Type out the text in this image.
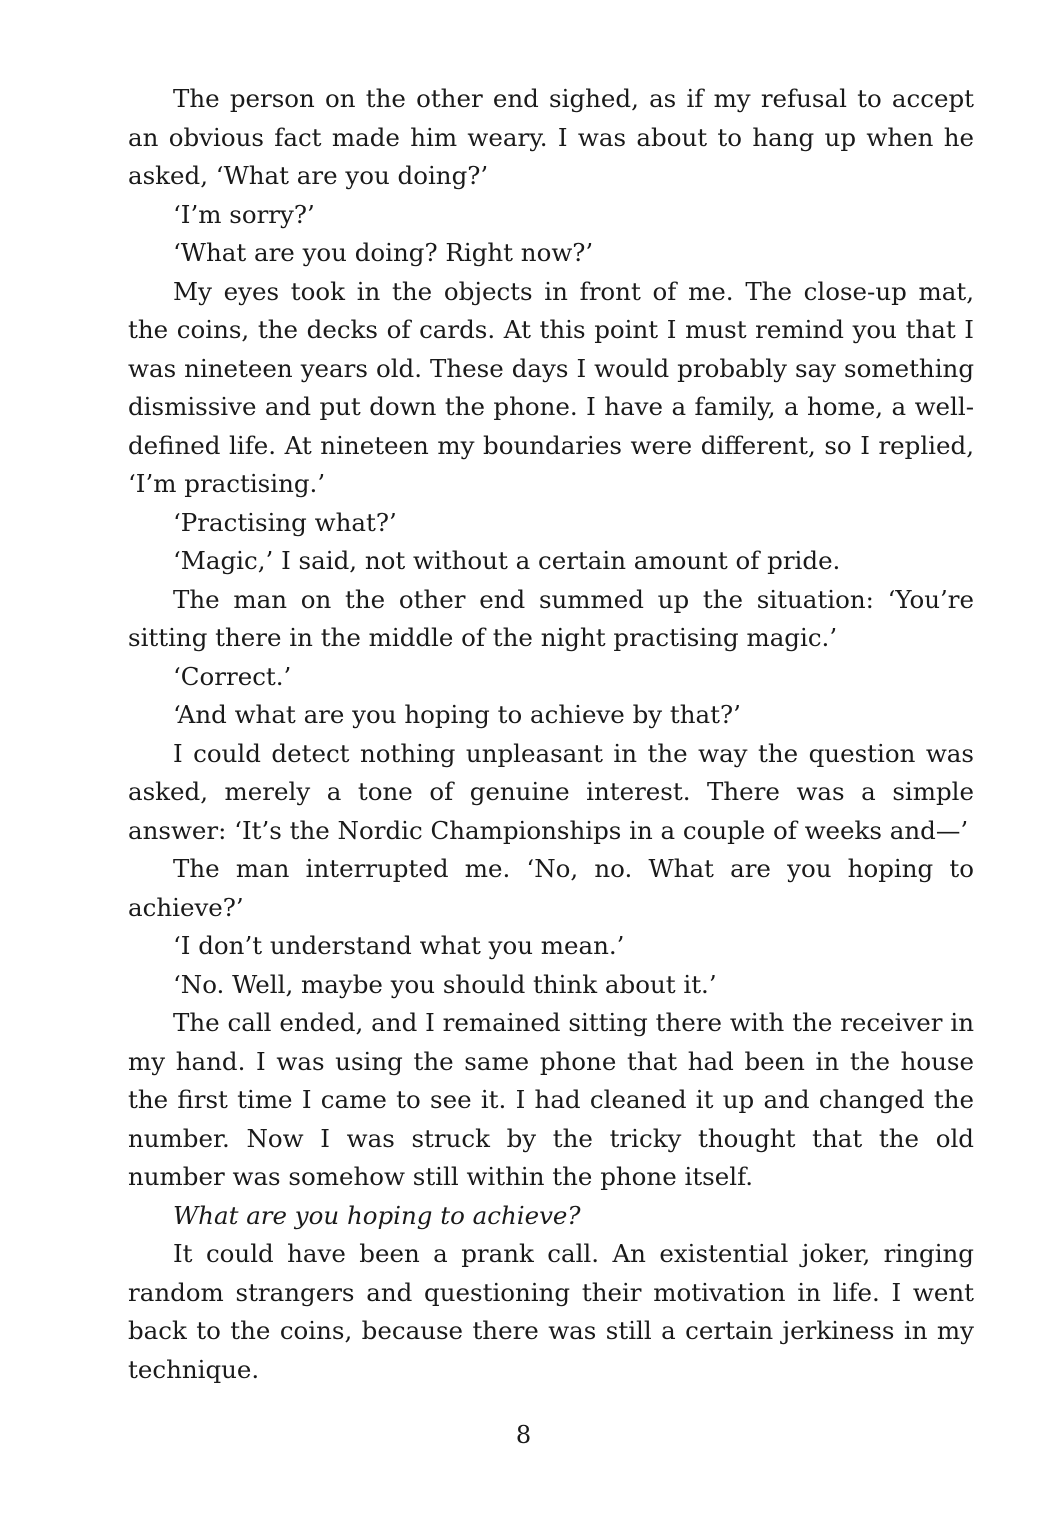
The person on the other end sighed, as if my refusal to accept an obvious fact made him weary. I was about to hang up when he asked, ‘What are you doing?’

‘I’m sorry?’

‘What are you doing? Right now?’

My eyes took in the objects in front of me. The close-up mat, the coins, the decks of cards. At this point I must remind you that I was nineteen years old. These days I would probably say something dismissive and put down the phone. I have a family, a home, a well-defined life. At nineteen my boundaries were different, so I replied, ‘I’m practising.’

‘Practising what?’

‘Magic,’ I said, not without a certain amount of pride.

The man on the other end summed up the situation: ‘You’re sitting there in the middle of the night practising magic.’

‘Correct.’

‘And what are you hoping to achieve by that?’

I could detect nothing unpleasant in the way the question was asked, merely a tone of genuine interest. There was a simple answer: ‘It’s the Nordic Championships in a couple of weeks and—’

The man interrupted me. ‘No, no. What are you hoping to achieve?’

‘I don’t understand what you mean.’

‘No. Well, maybe you should think about it.’

The call ended, and I remained sitting there with the receiver in my hand. I was using the same phone that had been in the house the first time I came to see it. I had cleaned it up and changed the number. Now I was struck by the tricky thought that the old number was somehow still within the phone itself.

What are you hoping to achieve?

It could have been a prank call. An existential joker, ringing random strangers and questioning their motivation in life. I went back to the coins, because there was still a certain jerkiness in my technique.

8
